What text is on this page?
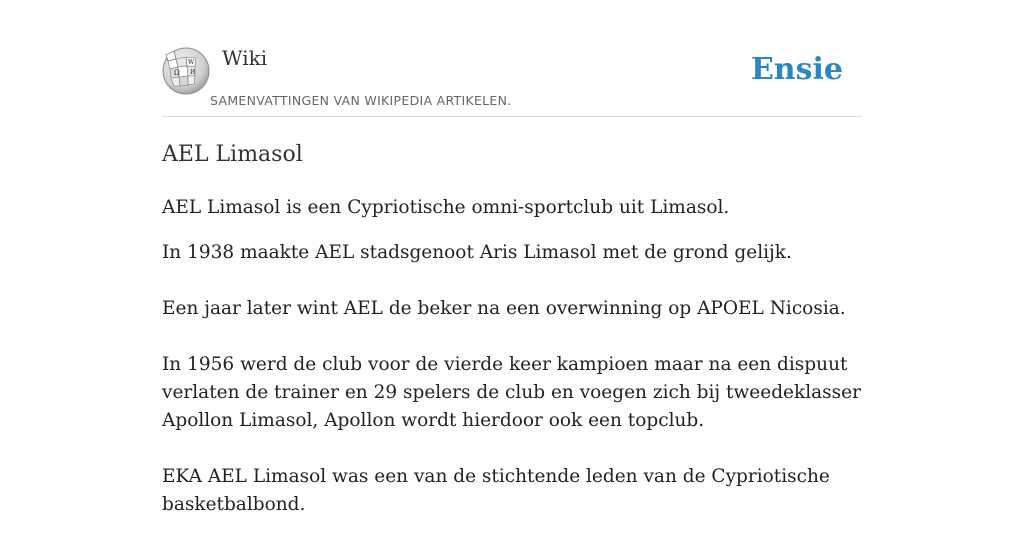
Ω
W
И
Wiki
SAMENVATTINGEN VAN WIKIPEDIA ARTIKELEN.
Ensie
AEL Limasol

AEL Limasol is een Cypriotische omni-sportclub uit Limasol.

In 1938 maakte AEL stadsgenoot Aris Limasol met de grond gelijk.

Een jaar later wint AEL de beker na een overwinning op APOEL Nicosia.

In 1956 werd de club voor de vierde keer kampioen maar na een dispuut verlaten de trainer en 29 spelers de club en voegen zich bij tweedeklasser Apollon Limasol, Apollon wordt hierdoor ook een topclub.

EKA AEL Limasol was een van de stichtende leden van de Cypriotische basketbalbond.
